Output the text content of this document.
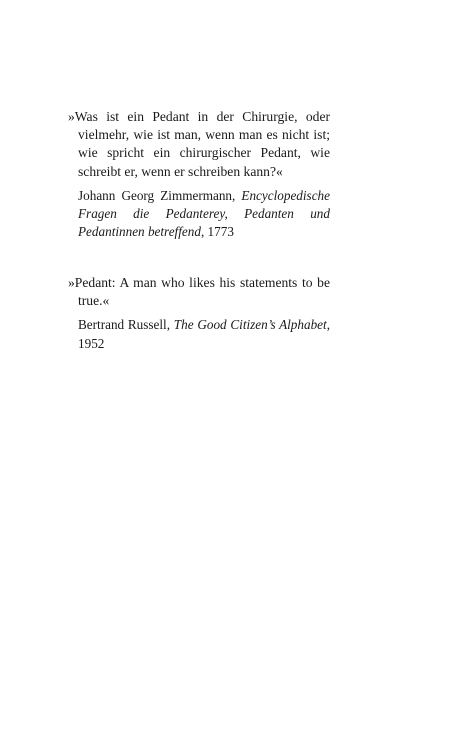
»Was ist ein Pedant in der Chirurgie, oder vielmehr, wie ist man, wenn man es nicht ist; wie spricht ein chirurgischer Pedant, wie schreibt er, wenn er schreiben kann?«

Johann Georg Zimmermann, Encyclopedische Fragen die Pedanterey, Pedanten und Pedantinnen betreffend, 1773

»Pedant: A man who likes his statements to be true.«

Bertrand Russell, The Good Citizen’s Alphabet, 1952
